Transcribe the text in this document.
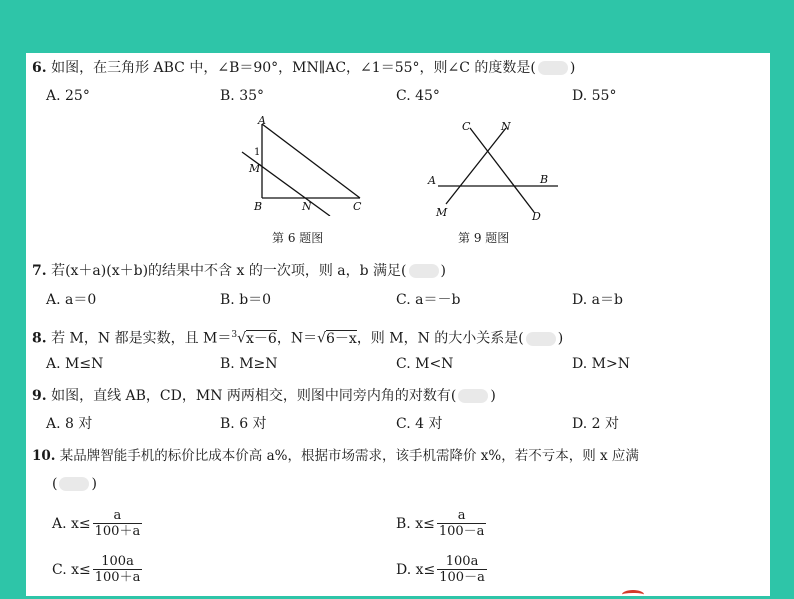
6. 如图，在三角形 ABC 中，∠B＝90°，MN∥AC，∠1＝55°，则∠C 的度数是( )
A. 25°	B. 35°	C. 45°	D. 55°
A
1
M
B	N	C
第 6 题图
C	N
A	B
M	D
第 9 题图
7. 若(x＋a)(x＋b)的结果中不含 x 的一次项，则 a，b 满足( )
A. a＝0	B. b＝0	C. a＝－b	D. a＝b
8. 若 M，N 都是实数，且 M＝$^3$√x－6，N＝√6－x，则 M，N 的大小关系是( )
A. M≤N	B. M≥N	C. M<N	D. M>N
9. 如图，直线 AB，CD，MN 两两相交，则图中同旁内角的对数有( )
A. 8 对	B. 6 对	C. 4 对	D. 2 对
10. 某品牌智能手机的标价比成本价高 a%，根据市场需求，该手机需降价 x%，若不亏本，则 x 应满
( )
A. $x\le \frac{a}{100+a}$	B. $x\le \frac{a}{100-a}$
C. $x\le \frac{100a}{100+a}$	D. $x\le \frac{100a}{100-a}$
